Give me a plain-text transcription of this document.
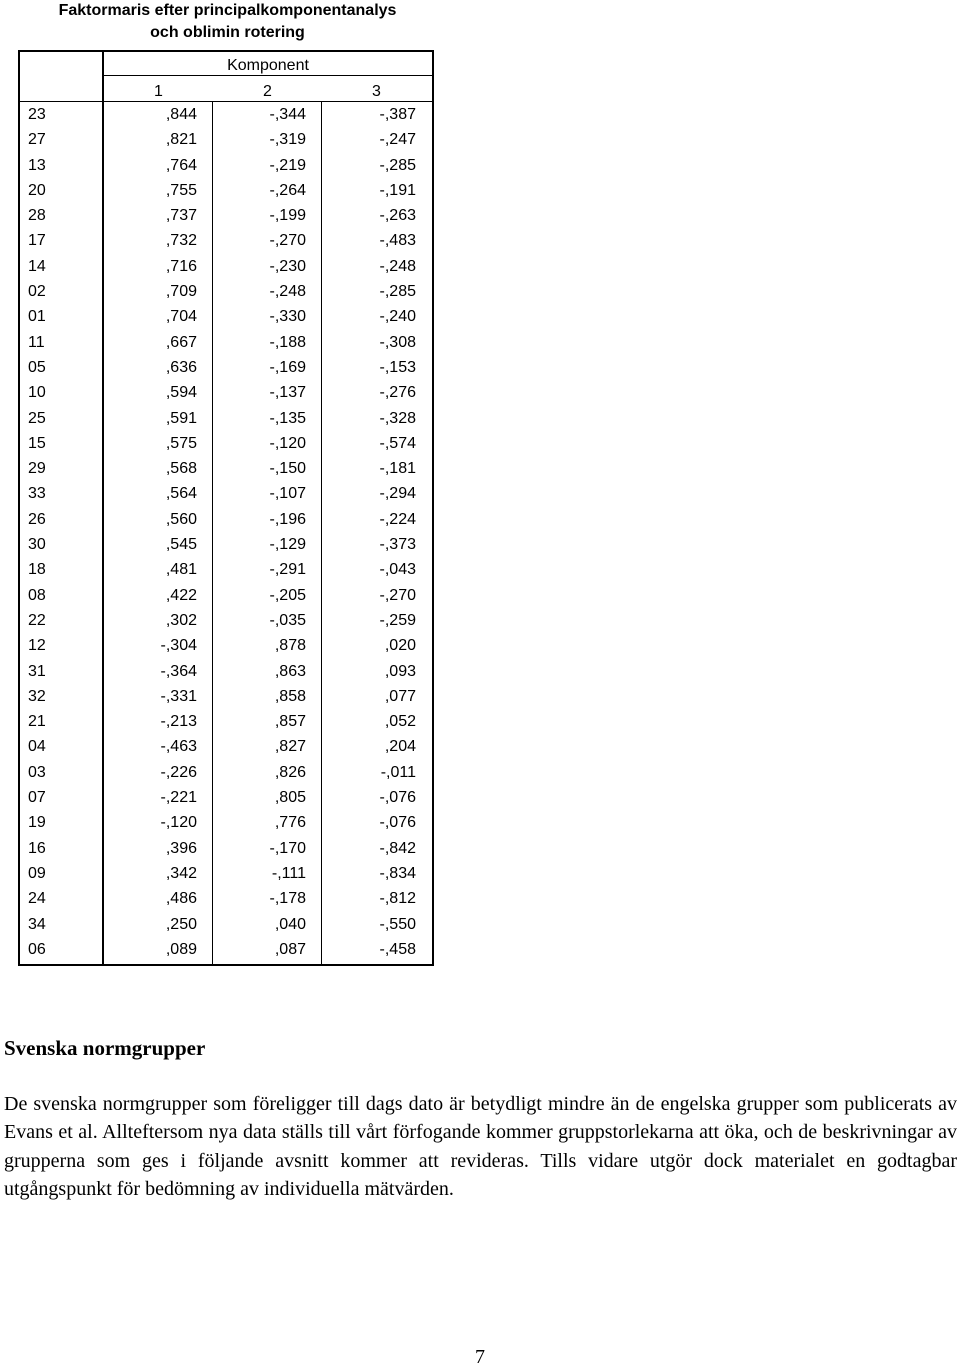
Faktormaris efter principalkomponentanalys
och oblimin rotering
Komponent
1	2	3
23	,844	-,344	-,387
27	,821	-,319	-,247
13	,764	-,219	-,285
20	,755	-,264	-,191
28	,737	-,199	-,263
17	,732	-,270	-,483
14	,716	-,230	-,248
02	,709	-,248	-,285
01	,704	-,330	-,240
11	,667	-,188	-,308
05	,636	-,169	-,153
10	,594	-,137	-,276
25	,591	-,135	-,328
15	,575	-,120	-,574
29	,568	-,150	-,181
33	,564	-,107	-,294
26	,560	-,196	-,224
30	,545	-,129	-,373
18	,481	-,291	-,043
08	,422	-,205	-,270
22	,302	-,035	-,259
12	-,304	,878	,020
31	-,364	,863	,093
32	-,331	,858	,077
21	-,213	,857	,052
04	-,463	,827	,204
03	-,226	,826	-,011
07	-,221	,805	-,076
19	-,120	,776	-,076
16	,396	-,170	-,842
09	,342	-,111	-,834
24	,486	-,178	-,812
34	,250	,040	-,550
06	,089	,087	-,458
Svenska normgrupper

De svenska normgrupper som föreligger till dags dato är betydligt mindre än de engelska grupper som publicerats av Evans et al. Allteftersom nya data ställs till vårt förfogande kommer gruppstorlekarna att öka, och de beskrivningar av grupperna som ges i följande avsnitt kommer att revideras. Tills vidare utgör dock materialet en godtagbar utgångspunkt för bedömning av individuella mätvärden.

7
